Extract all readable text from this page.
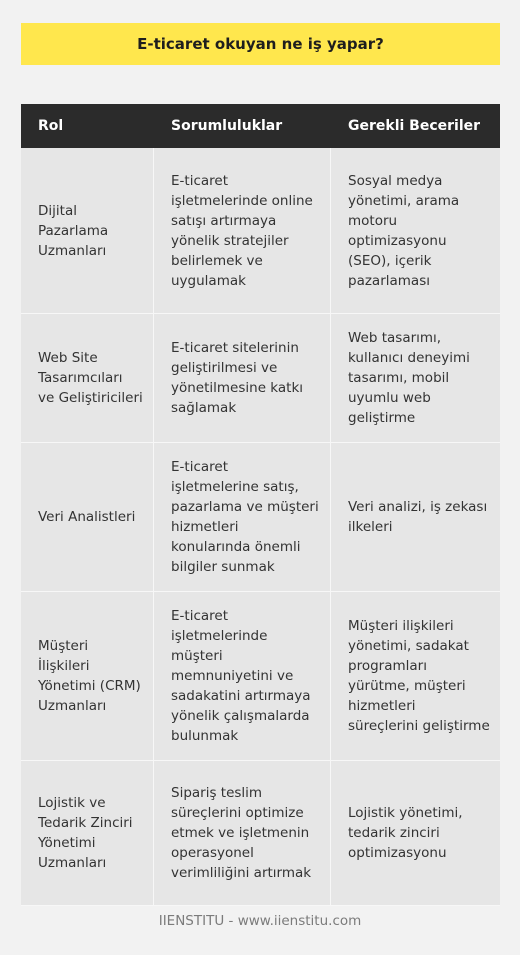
E-ticaret okuyan ne iş yapar?
Rol	Sorumluluklar	Gerekli Beceriler
Dijital Pazarlama Uzmanları	E-ticaret işletmelerinde online satışı artırmaya yönelik stratejiler belirlemek ve uygulamak	Sosyal medya yönetimi, arama motoru optimizasyonu (SEO), içerik pazarlaması
Web Site Tasarımcıları ve Geliştiricileri	E-ticaret sitelerinin geliştirilmesi ve yönetilmesine katkı sağlamak	Web tasarımı, kullanıcı deneyimi tasarımı, mobil uyumlu web geliştirme
Veri Analistleri	E-ticaret işletmelerine satış, pazarlama ve müşteri hizmetleri konularında önemli bilgiler sunmak	Veri analizi, iş zekası ilkeleri
Müşteri İlişkileri Yönetimi (CRM) Uzmanları	E-ticaret işletmelerinde müşteri memnuniyetini ve sadakatini artırmaya yönelik çalışmalarda bulunmak	Müşteri ilişkileri yönetimi, sadakat programları yürütme, müşteri hizmetleri süreçlerini geliştirme
Lojistik ve Tedarik Zinciri Yönetimi Uzmanları	Sipariş teslim süreçlerini optimize etmek ve işletmenin operasyonel verimliliğini artırmak	Lojistik yönetimi, tedarik zinciri optimizasyonu
IIENSTITU - www.iienstitu.com
